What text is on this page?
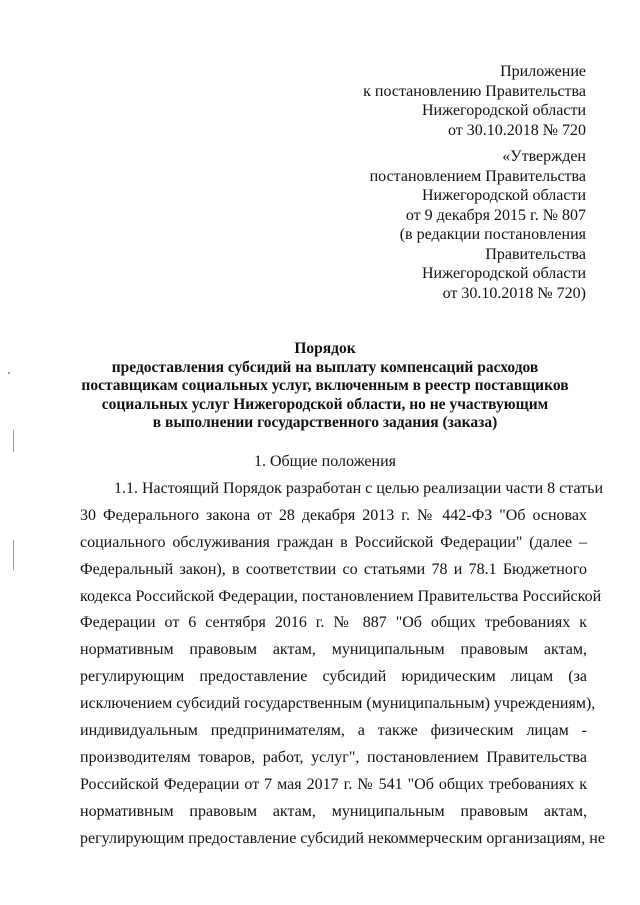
Приложение
к постановлению Правительства
Нижегородской области
от 30.10.2018 № 720
«Утвержден
постановлением Правительства
Нижегородской области
от 9 декабря 2015 г. № 807
(в редакции постановления
Правительства
Нижегородской области
от 30.10.2018 № 720)
Порядок
предоставления субсидий на выплату компенсаций расходов
поставщикам социальных услуг, включенным в реестр поставщиков
социальных услуг Нижегородской области, но не участвующим
в выполнении государственного задания (заказа)
1. Общие положения
1.1. Настоящий Порядок разработан с целью реализации части 8 статьи
30 Федерального закона от 28 декабря 2013 г. № 442-ФЗ "Об основах
социального обслуживания граждан в Российской Федерации" (далее –
Федеральный закон), в соответствии со статьями 78 и 78.1 Бюджетного
кодекса Российской Федерации, постановлением Правительства Российской
Федерации от 6 сентября 2016 г. № 887 "Об общих требованиях к
нормативным правовым актам, муниципальным правовым актам,
регулирующим предоставление субсидий юридическим лицам (за
исключением субсидий государственным (муниципальным) учреждениям),
индивидуальным предпринимателям, а также физическим лицам -
производителям товаров, работ, услуг", постановлением Правительства
Российской Федерации от 7 мая 2017 г. № 541 "Об общих требованиях к
нормативным правовым актам, муниципальным правовым актам,
регулирующим предоставление субсидий некоммерческим организациям, не
